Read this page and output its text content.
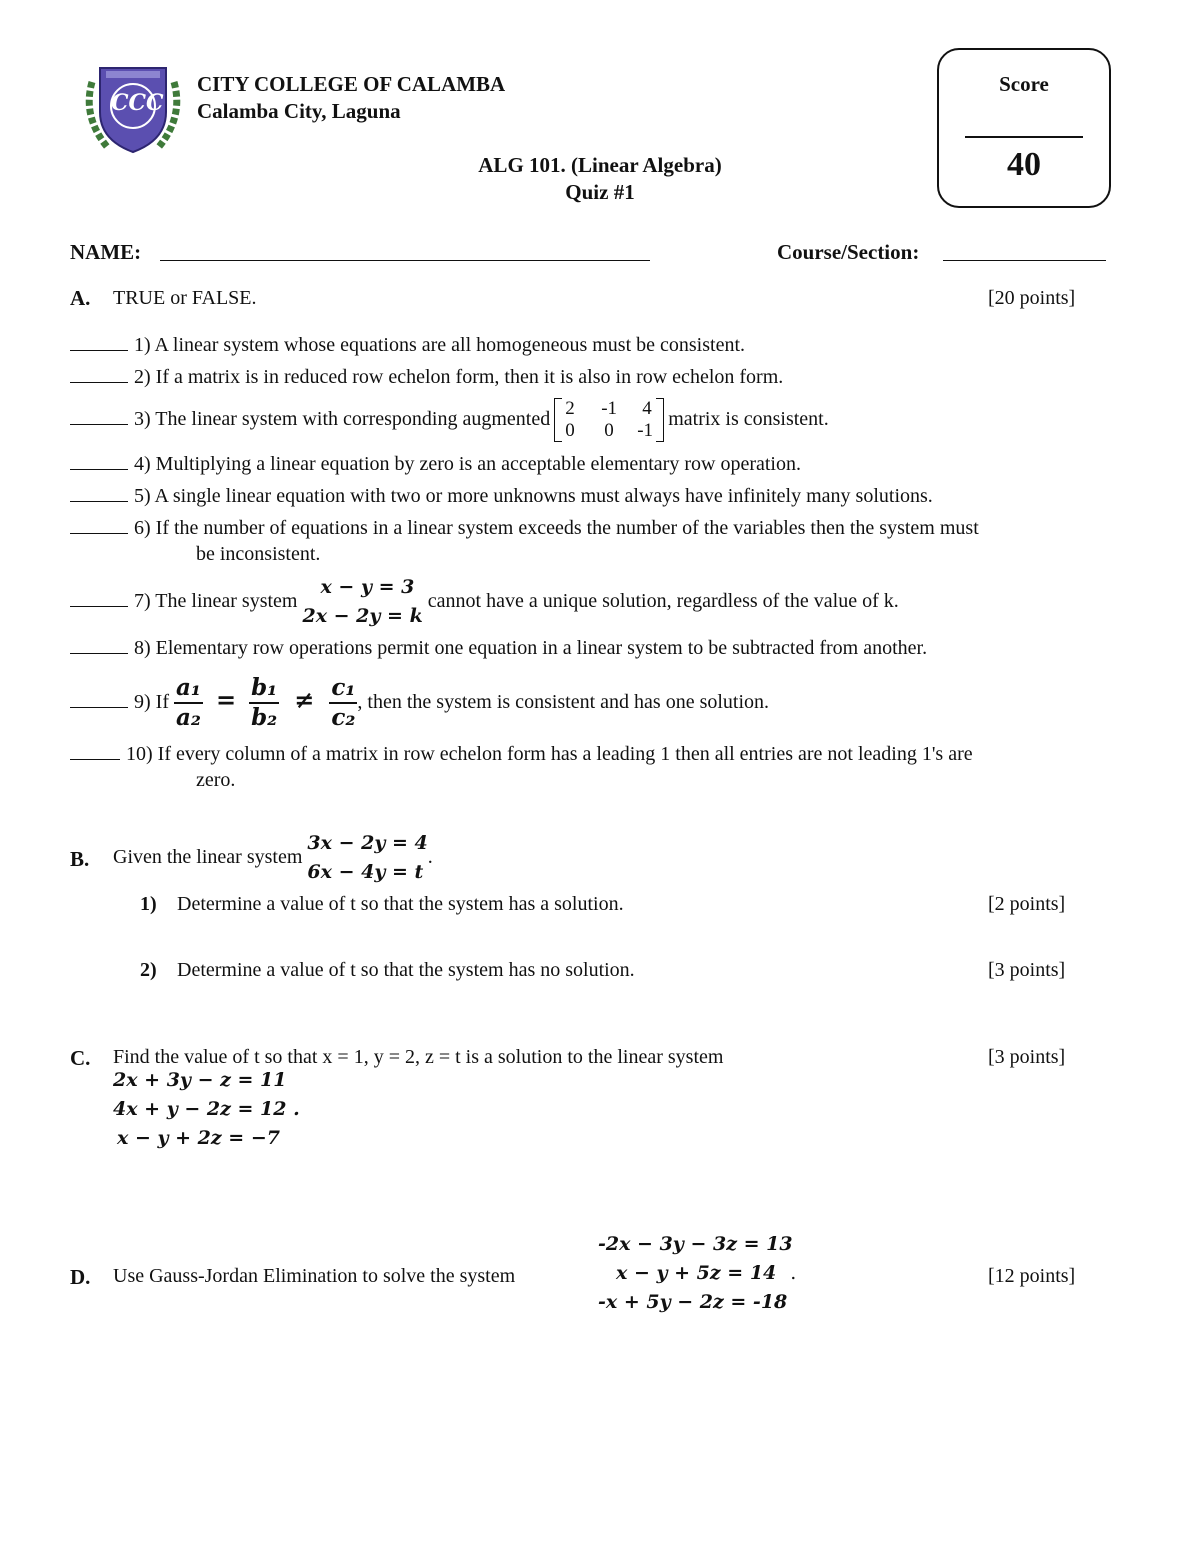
CCC
CITY COLLEGE OF CALAMBA
Calamba City, Laguna
ALG 101. (Linear Algebra)
Quiz #1
Score
40
NAME:	Course/Section:
A. TRUE or FALSE.	[20 points]
1) A linear system whose equations are all homogeneous must be consistent.
2) If a matrix is in reduced row echelon form, then it is also in row echelon form.
3) The linear system with corresponding augmented 2 -1 4
0 0 -1
matrix is consistent.
4) Multiplying a linear equation by zero is an acceptable elementary row operation.
5) A single linear equation with two or more unknowns must always have infinitely many solutions.
6) If the number of equations in a linear system exceeds the number of the variables then the system must
be inconsistent.
7) The linear system
x − y = 3
2x − 2y = k
cannot have a unique solution, regardless of the value of k.
8) Elementary row operations permit one equation in a linear system to be subtracted from another.
9) If $\frac{\text{a₁}}{\text{a₂}} = \frac{\text{b₁}}{\text{b₂}} \ne \frac{\text{c₁}}{\text{c₂}}$ , then the system is consistent and has one solution.
10) If every column of a matrix in row echelon form has a leading 1 then all entries are not leading 1's are
zero.
B. Given the linear system
3x − 2y = 4
6x − 4y = t
.
1) Determine a value of t so that the system has a solution.	[2 points]
2) Determine a value of t so that the system has no solution.	[3 points]
C. Find the value of t so that x = 1, y = 2, z = t is a solution to the linear system	[3 points]
2x + 3y − z = 11
4x + y − 2z = 12 .
x − y + 2z = −7
-2x − 3y − 3z = 13
D. Use Gauss-Jordan Elimination to solve the system	x − y + 5z = 14 .	[12 points]
-x + 5y − 2z = -18
